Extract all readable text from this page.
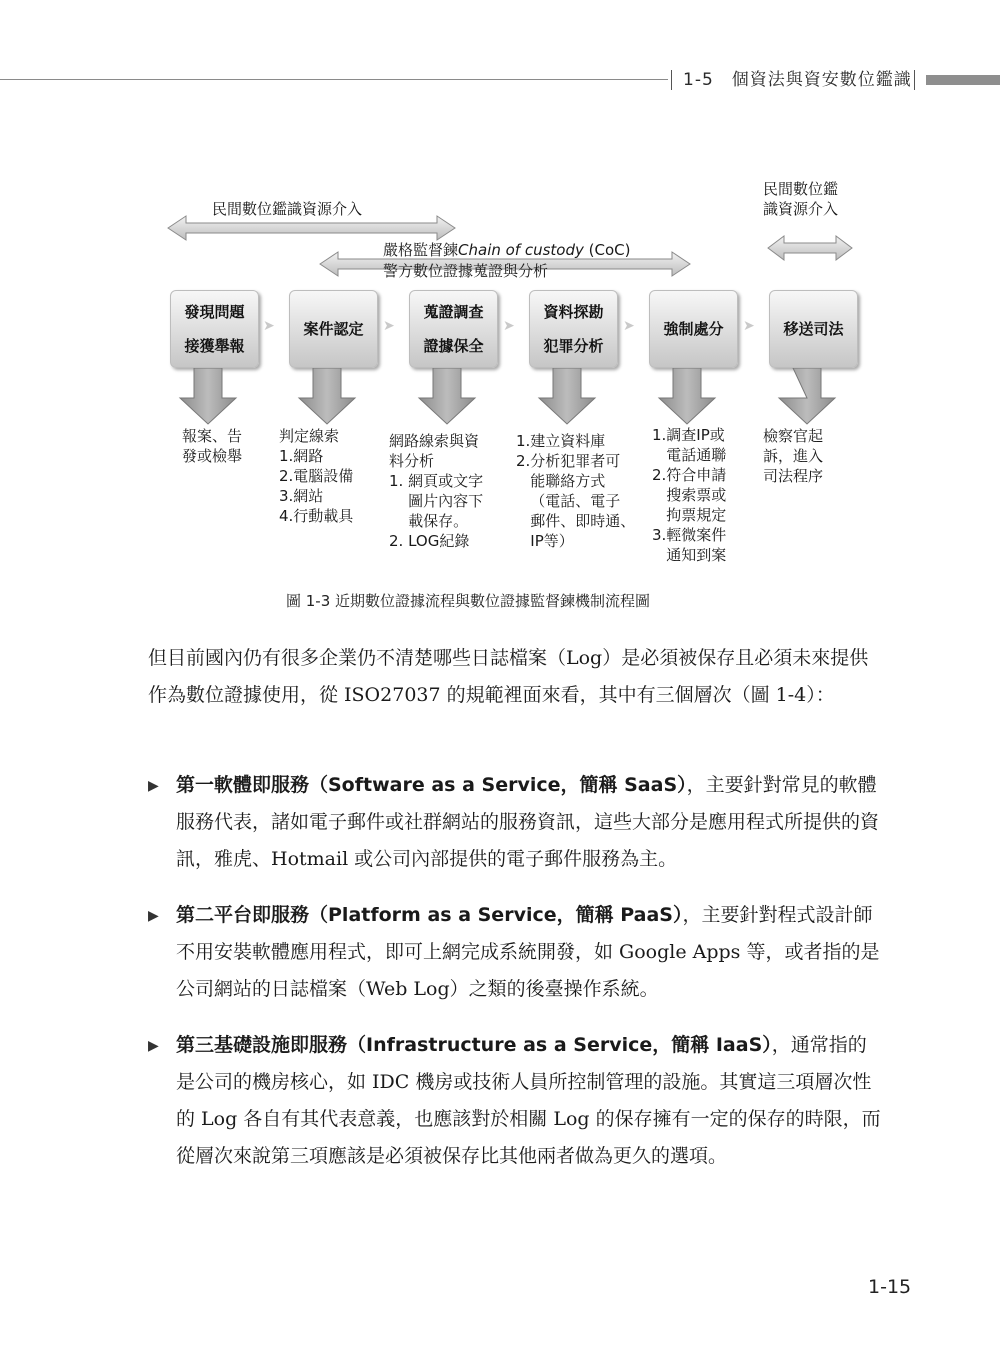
1-5　個資法與資安數位鑑識
民間數位鑑識資源介入
民間數位鑑
識資源介入
嚴格監督鍊Chain of custody (CoC)
警方數位證據蒐證與分析
發現問題
接獲舉報
➤	案件認定	➤
蒐證調查
證據保全
➤
資料探勘
犯罪分析
➤	強制處分	➤	移送司法
報案、告
發或檢舉
判定線索
1.網路
2.電腦設備
3.網站
4.行動載具
網路線索與資
料分析
1. 網頁或文字
圖片內容下
載保存。
2. LOG紀錄
1.建立資料庫
2.分析犯罪者可
能聯絡方式
（電話、電子
郵件、即時通、
IP等）
1.調查IP或
電話通聯
2.符合申請
搜索票或
拘票規定
3.輕微案件
通知到案
檢察官起
訴，進入
司法程序
圖 1-3 近期數位證據流程與數位證據監督鍊機制流程圖
但目前國內仍有很多企業仍不清楚哪些日誌檔案（Log）是必須被保存且必須未來提供作為數位證據使用，從 ISO27037 的規範裡面來看，其中有三個層次（圖 1-4）：
▶ 第一軟體即服務（Software as a Service，簡稱 SaaS），主要針對常見的軟體服務代表，諸如電子郵件或社群網站的服務資訊，這些大部分是應用程式所提供的資訊，雅虎、Hotmail 或公司內部提供的電子郵件服務為主。
▶ 第二平台即服務（Platform as a Service，簡稱 PaaS），主要針對程式設計師不用安裝軟體應用程式，即可上網完成系統開發，如 Google Apps 等，或者指的是公司網站的日誌檔案（Web Log）之類的後臺操作系統。
▶ 第三基礎設施即服務（Infrastructure as a Service，簡稱 IaaS），通常指的是公司的機房核心，如 IDC 機房或技術人員所控制管理的設施。其實這三項層次性的 Log 各自有其代表意義，也應該對於相關 Log 的保存擁有一定的保存的時限，而從層次來說第三項應該是必須被保存比其他兩者做為更久的選項。
1-15
